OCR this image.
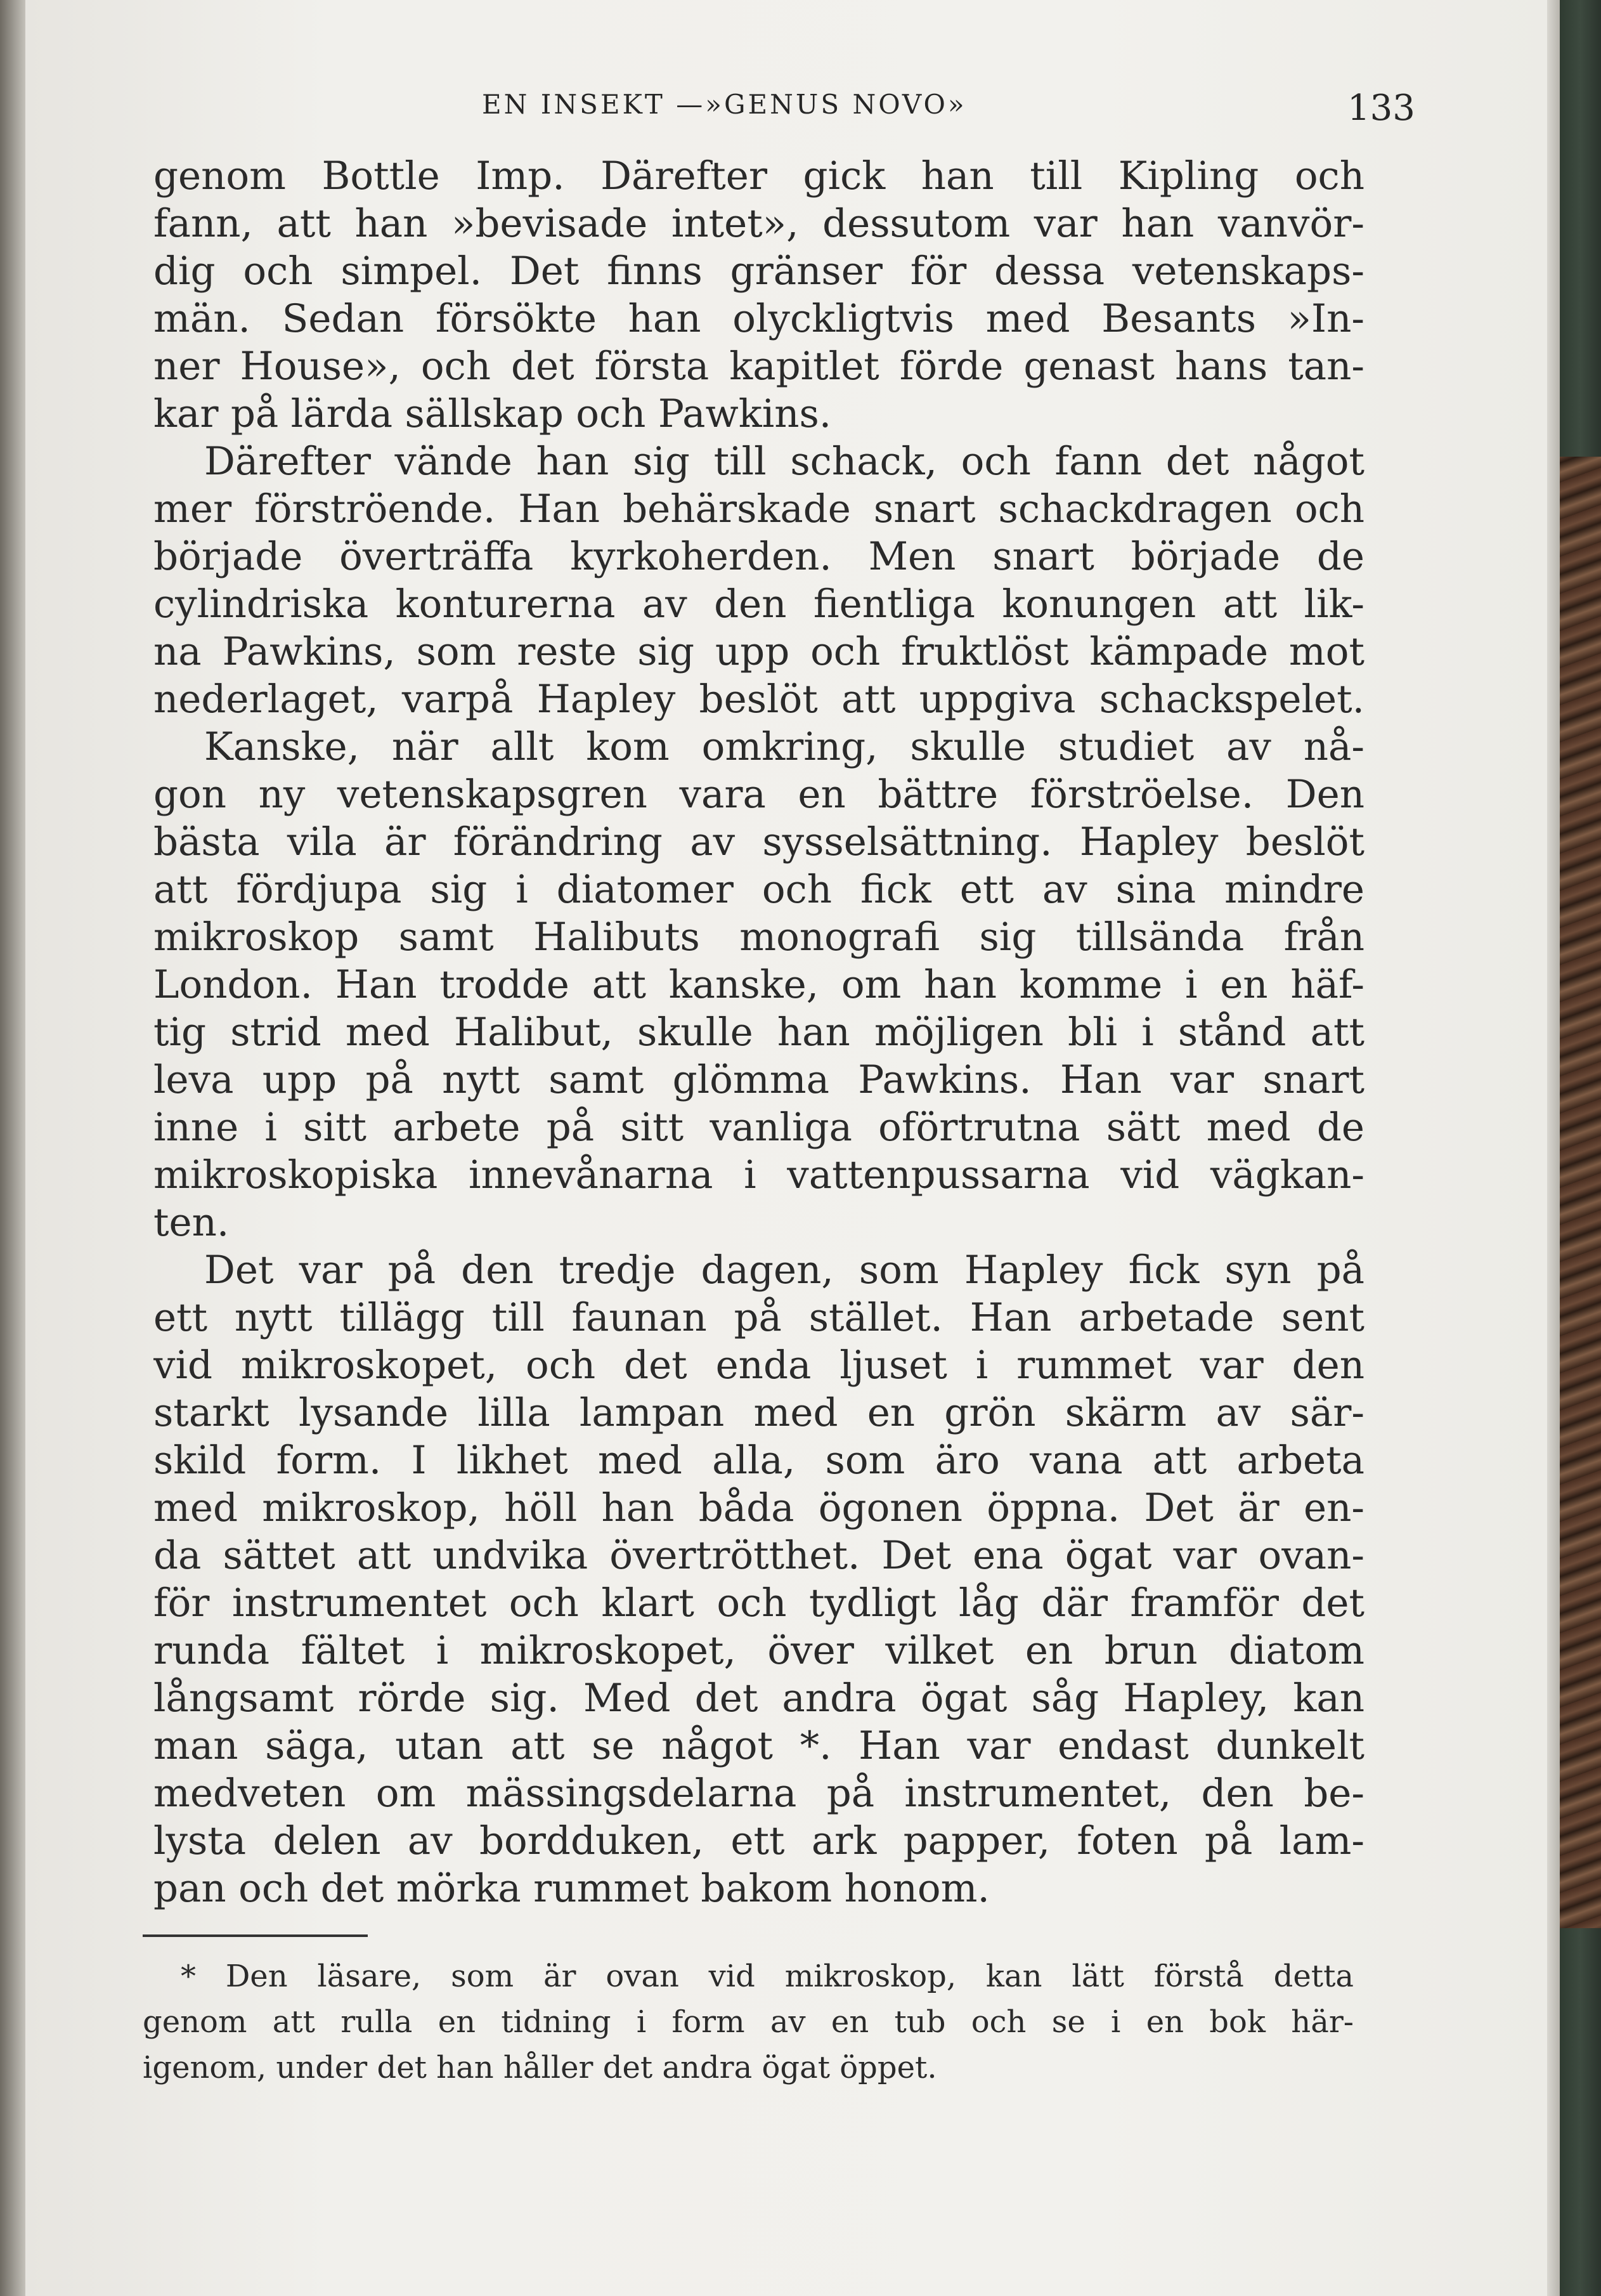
EN INSEKT —»GENUS NOVO»	133
genom Bottle Imp. Därefter gick han till Kipling och
fann, att han »bevisade intet», dessutom var han vanvör-
dig och simpel. Det finns gränser för dessa vetenskaps-
män. Sedan försökte han olyckligtvis med Besants »In-
ner House», och det första kapitlet förde genast hans tan-
kar på lärda sällskap och Pawkins.
Därefter vände han sig till schack, och fann det något
mer förströende. Han behärskade snart schackdragen och
började överträffa kyrkoherden. Men snart började de
cylindriska konturerna av den fientliga konungen att lik-
na Pawkins, som reste sig upp och fruktlöst kämpade mot
nederlaget, varpå Hapley beslöt att uppgiva schackspelet.
Kanske, när allt kom omkring, skulle studiet av nå-
gon ny vetenskapsgren vara en bättre förströelse. Den
bästa vila är förändring av sysselsättning. Hapley beslöt
att fördjupa sig i diatomer och fick ett av sina mindre
mikroskop samt Halibuts monografi sig tillsända från
London. Han trodde att kanske, om han komme i en häf-
tig strid med Halibut, skulle han möjligen bli i stånd att
leva upp på nytt samt glömma Pawkins. Han var snart
inne i sitt arbete på sitt vanliga oförtrutna sätt med de
mikroskopiska innevånarna i vattenpussarna vid vägkan-
ten.
Det var på den tredje dagen, som Hapley fick syn på
ett nytt tillägg till faunan på stället. Han arbetade sent
vid mikroskopet, och det enda ljuset i rummet var den
starkt lysande lilla lampan med en grön skärm av sär-
skild form. I likhet med alla, som äro vana att arbeta
med mikroskop, höll han båda ögonen öppna. Det är en-
da sättet att undvika övertrötthet. Det ena ögat var ovan-
för instrumentet och klart och tydligt låg där framför det
runda fältet i mikroskopet, över vilket en brun diatom
långsamt rörde sig. Med det andra ögat såg Hapley, kan
man säga, utan att se något *. Han var endast dunkelt
medveten om mässingsdelarna på instrumentet, den be-
lysta delen av bordduken, ett ark papper, foten på lam-
pan och det mörka rummet bakom honom.
* Den läsare, som är ovan vid mikroskop, kan lätt förstå detta
genom att rulla en tidning i form av en tub och se i en bok här-
igenom, under det han håller det andra ögat öppet.
